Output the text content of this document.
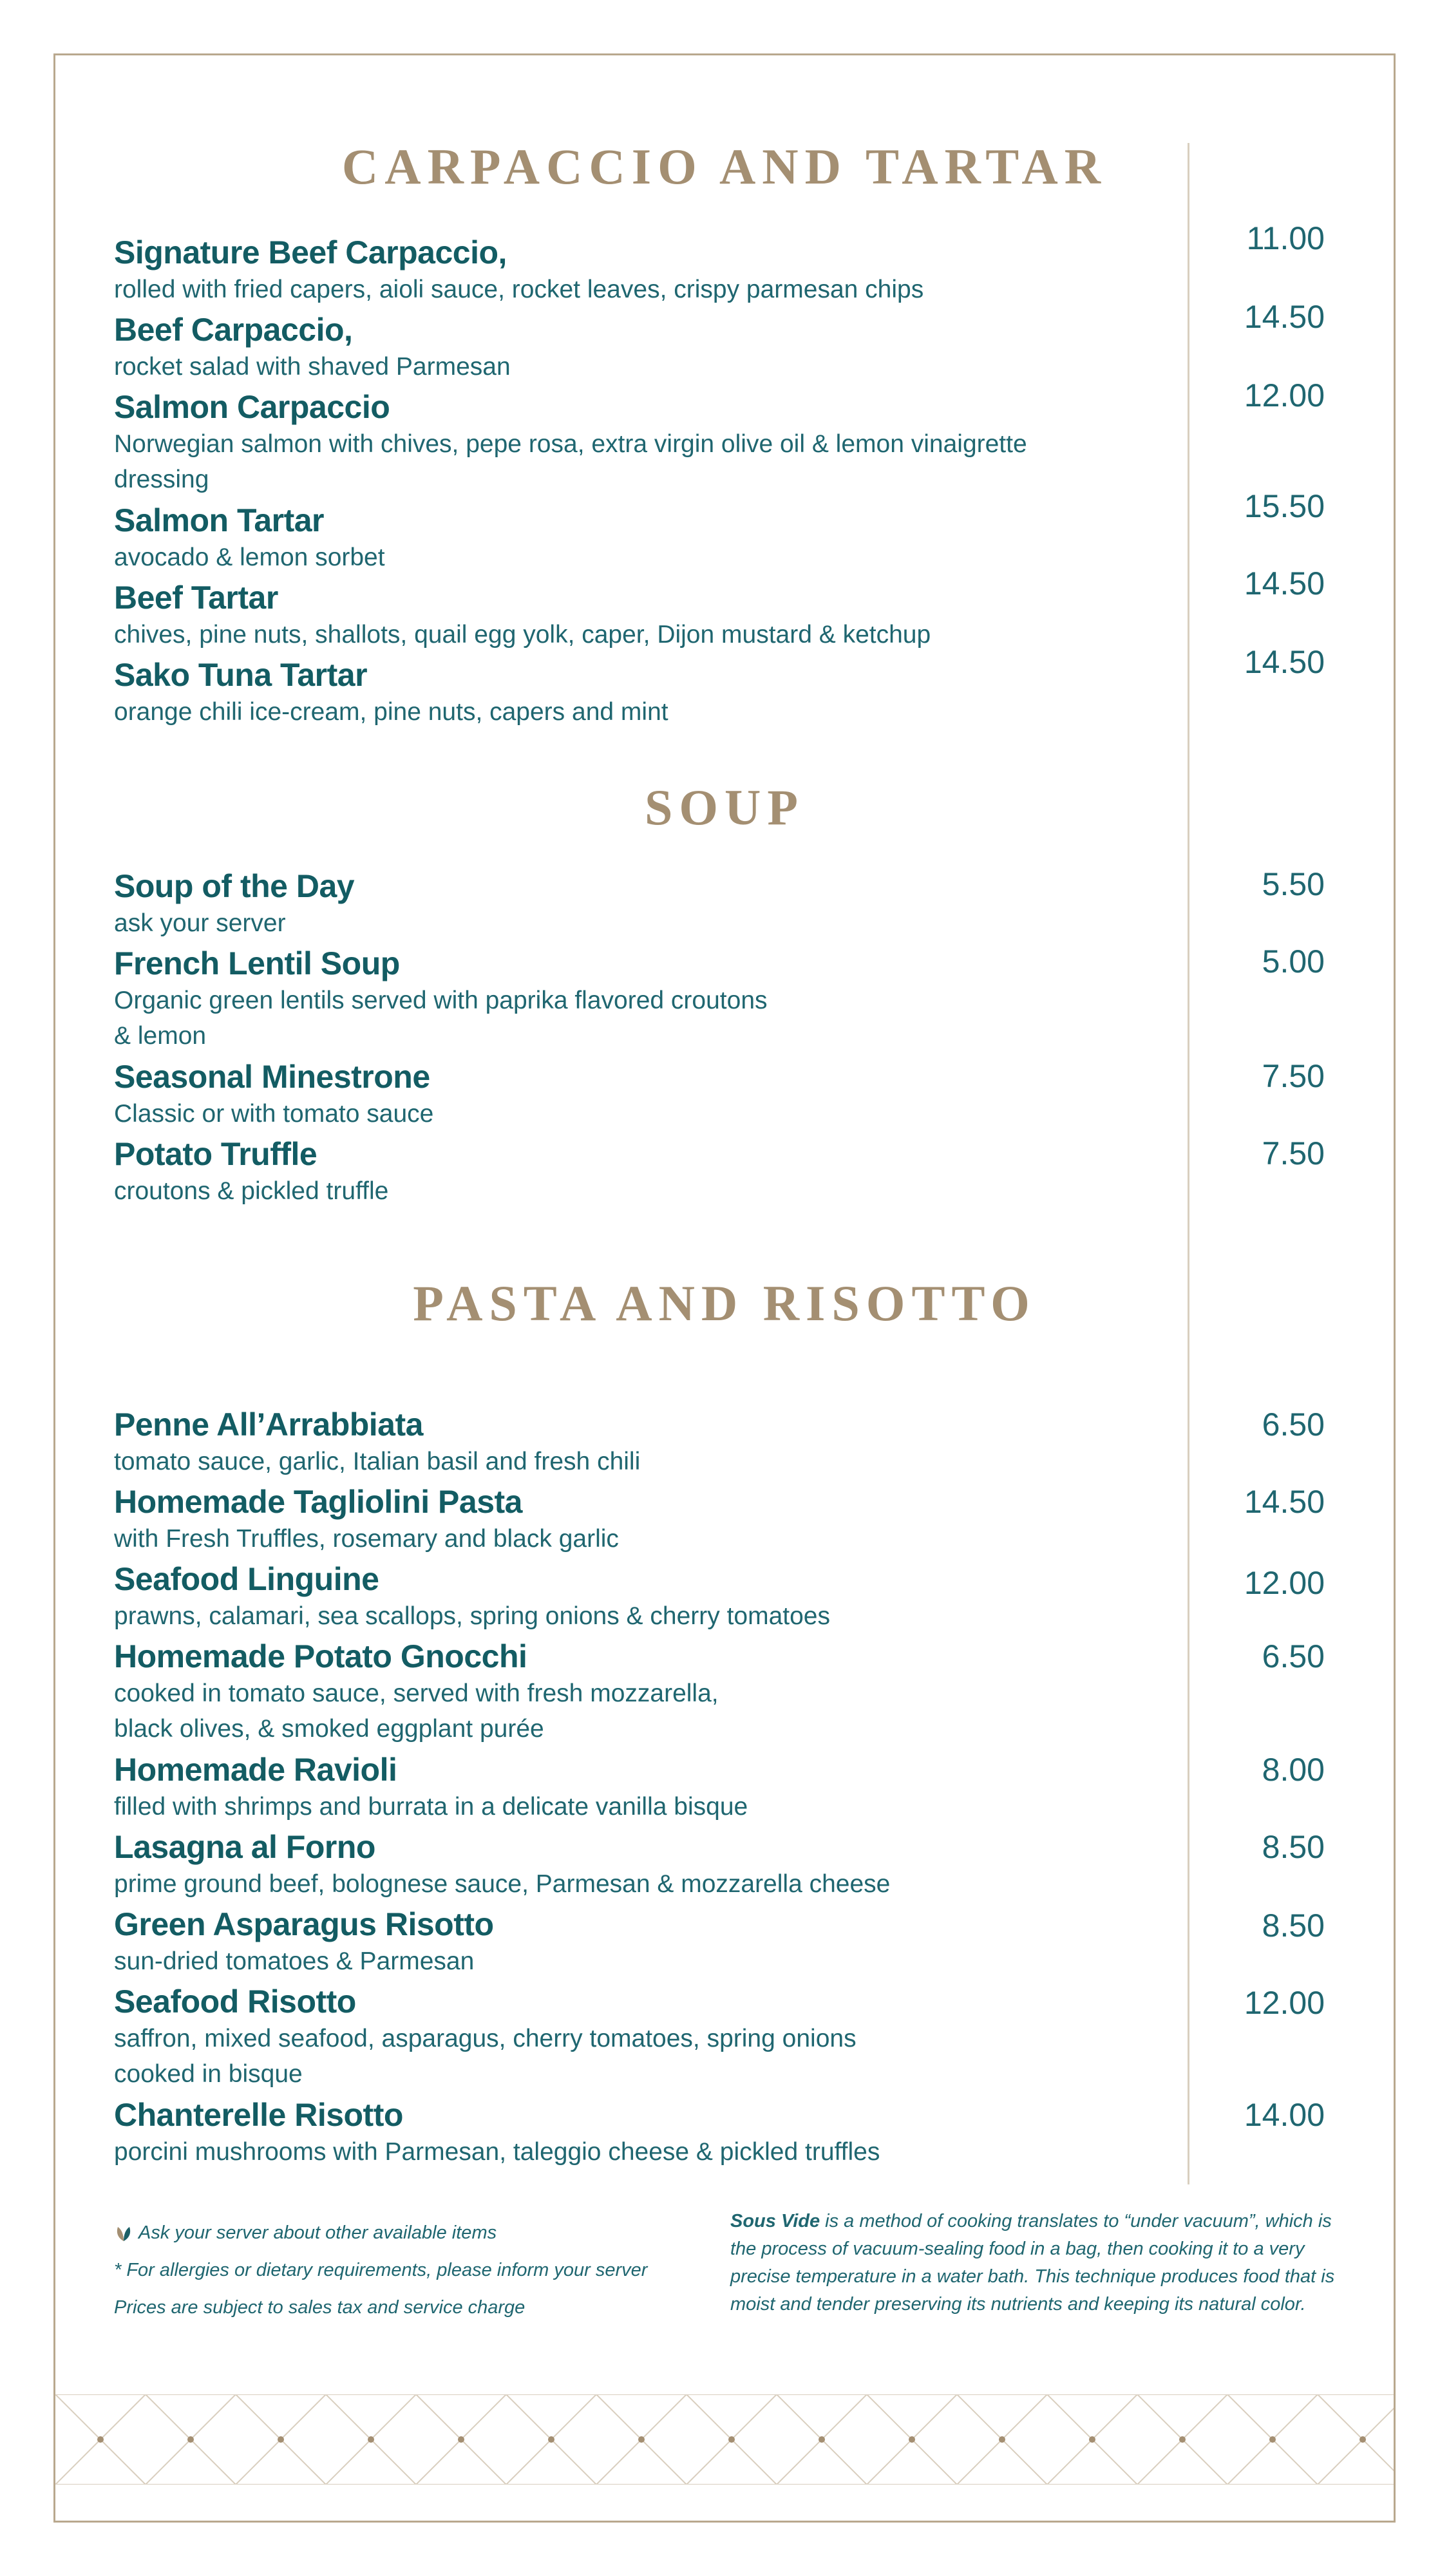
CARPACCIO AND TARTAR
Signature Beef Carpaccio,
rolled with fried capers, aioli sauce, rocket leaves, crispy parmesan chips
11.00
Beef Carpaccio,
rocket salad with shaved Parmesan
14.50
Salmon Carpaccio
Norwegian salmon with chives, pepe rosa, extra virgin olive oil & lemon vinaigrette
dressing
12.00
Salmon Tartar
avocado & lemon sorbet
15.50
Beef Tartar
chives, pine nuts, shallots, quail egg yolk, caper, Dijon mustard & ketchup
14.50
Sako Tuna Tartar
orange chili ice-cream, pine nuts, capers and mint
14.50
SOUP
Soup of the Day
ask your server
5.50
French Lentil Soup
Organic green lentils served with paprika flavored croutons
& lemon
5.00
Seasonal Minestrone
Classic or with tomato sauce
7.50
Potato Truffle
croutons & pickled truffle
7.50
PASTA AND RISOTTO
Penne All’Arrabbiata
tomato sauce, garlic, Italian basil and fresh chili
6.50
Homemade Tagliolini Pasta
with Fresh Truffles, rosemary and black garlic
14.50
Seafood Linguine
prawns, calamari, sea scallops, spring onions & cherry tomatoes
12.00
Homemade Potato Gnocchi
cooked in tomato sauce, served with fresh mozzarella,
black olives, & smoked eggplant purée
6.50
Homemade Ravioli
filled with shrimps and burrata in a delicate vanilla bisque
8.00
Lasagna al Forno
prime ground beef, bolognese sauce, Parmesan & mozzarella cheese
8.50
Green Asparagus Risotto
sun-dried tomatoes & Parmesan
8.50
Seafood Risotto
saffron, mixed seafood, asparagus, cherry tomatoes, spring onions
cooked in bisque
12.00
Chanterelle Risotto
porcini mushrooms with Parmesan, taleggio cheese & pickled truffles
14.00
Ask your server about other available items
* For allergies or dietary requirements, please inform your server
Prices are subject to sales tax and service charge
Sous Vide is a method of cooking translates to “under vacuum”, which is the process of vacuum-sealing food in a bag, then cooking it to a very precise temperature in a water bath. This technique produces food that is moist and tender preserving its nutrients and keeping its natural color.
